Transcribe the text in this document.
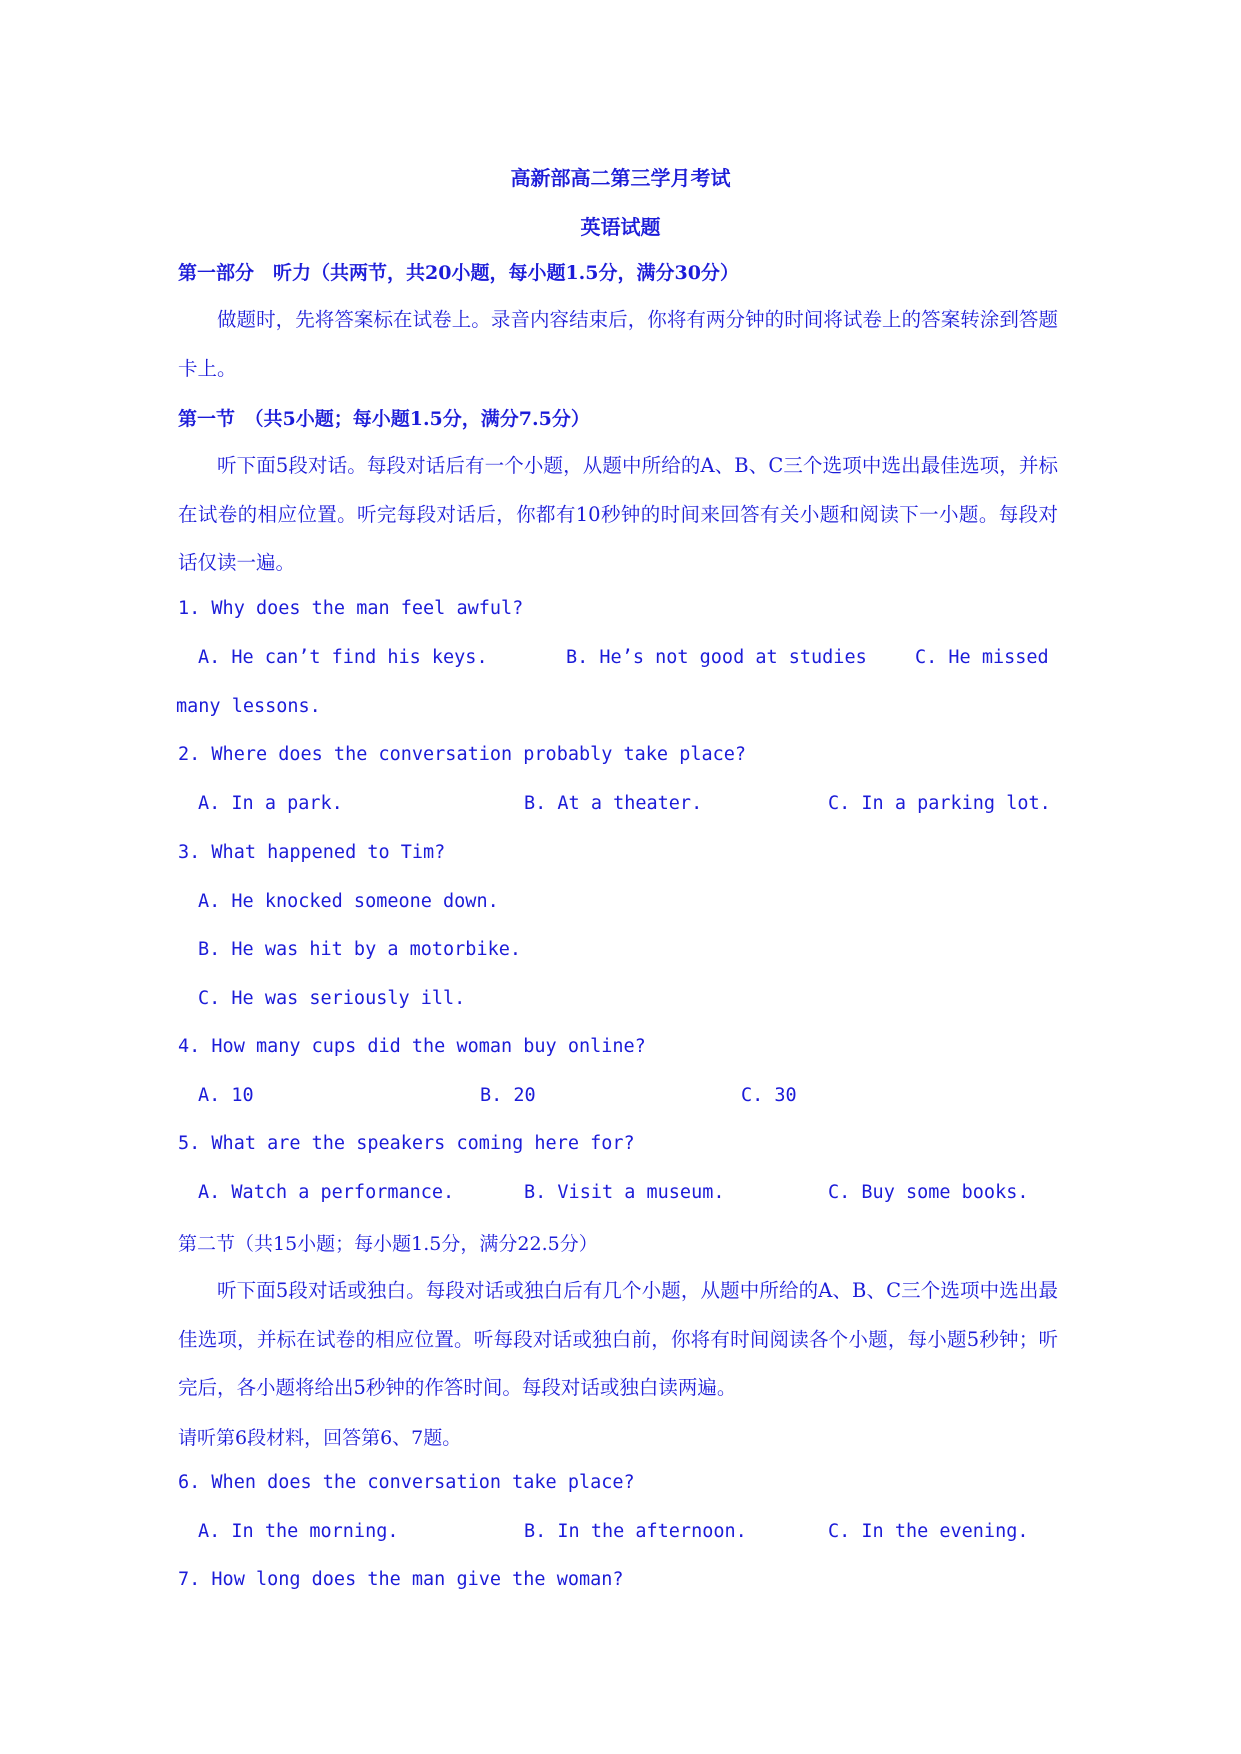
高新部高二第三学月考试
英语试题
第一部分　听力（共两节，共20小题，每小题1.5分，满分30分）
做题时，先将答案标在试卷上。录音内容结束后，你将有两分钟的时间将试卷上的答案转涂到答题卡上。
第一节　（共5小题；每小题1.5分，满分7.5分）
听下面5段对话。每段对话后有一个小题，从题中所给的A、B、C三个选项中选出最佳选项，并标在试卷的相应位置。听完每段对话后，你都有10秒钟的时间来回答有关小题和阅读下一小题。每段对话仅读一遍。
1. Why does the man feel awful?
A. He can’t find his keys.	B. He’s not good at studies	C. He missed
many lessons.
2. Where does the conversation probably take place?
A. In a park.	B. At a theater.	C. In a parking lot.
3. What happened to Tim?
A. He knocked someone down.
B. He was hit by a motorbike.
C. He was seriously ill.
4. How many cups did the woman buy online?
A. 10	B. 20	C. 30
5. What are the speakers coming here for?
A. Watch a performance.	B. Visit a museum.	C. Buy some books.
第二节（共15小题；每小题1.5分，满分22.5分）
听下面5段对话或独白。每段对话或独白后有几个小题，从题中所给的A、B、C三个选项中选出最佳选项，并标在试卷的相应位置。听每段对话或独白前，你将有时间阅读各个小题，每小题5秒钟；听完后，各小题将给出5秒钟的作答时间。每段对话或独白读两遍。
请听第6段材料，回答第6、7题。
6. When does the conversation take place?
A. In the morning.	B. In the afternoon.	C. In the evening.
7. How long does the man give the woman?
